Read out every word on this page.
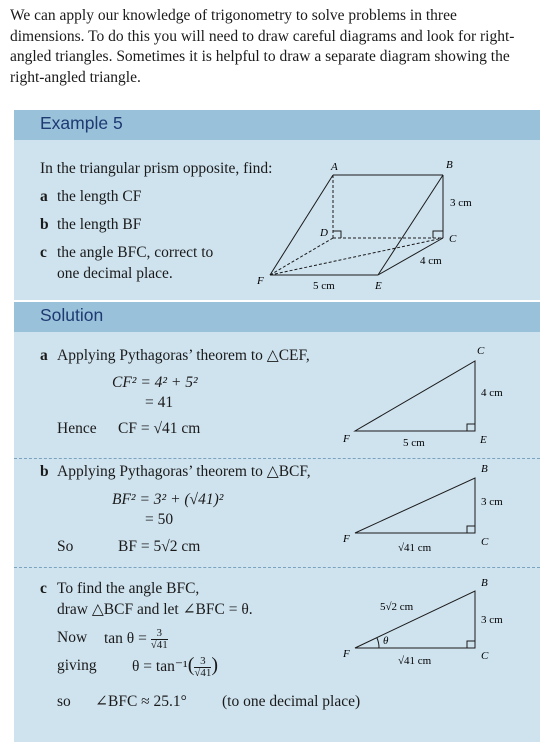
We can apply our knowledge of trigonometry to solve problems in three dimensions. To do this you will need to draw careful diagrams and look for right-angled triangles. Sometimes it is helpful to draw a separate diagram showing the right-angled triangle.
Example 5
In the triangular prism opposite, find:
a the length CF
b the length BF
c the angle BFC, correct to
one decimal place.
A	B
C
D
E
F
3 cm
4 cm
5 cm
Solution
a Applying Pythagoras’ theorem to △CEF,
CF² = 4² + 5²
= 41
Hence CF = √41 cm
C
E
F
4 cm
5 cm
b Applying Pythagoras’ theorem to △BCF,
BF² = 3² + (√41)²
= 50
So	BF = 5√2 cm
B
C
F
3 cm
√41 cm
c To find the angle BFC,
draw △BCF and let ∠BFC = θ.
Now $\tan \theta = \frac{3}{√41}$
giving $\theta = \tan^{-1}( \frac{3}{√41}$ )
so ∠BFC ≈ 25.1° (to one decimal place)
B
C
F
θ
3 cm
√41 cm
5√2 cm
